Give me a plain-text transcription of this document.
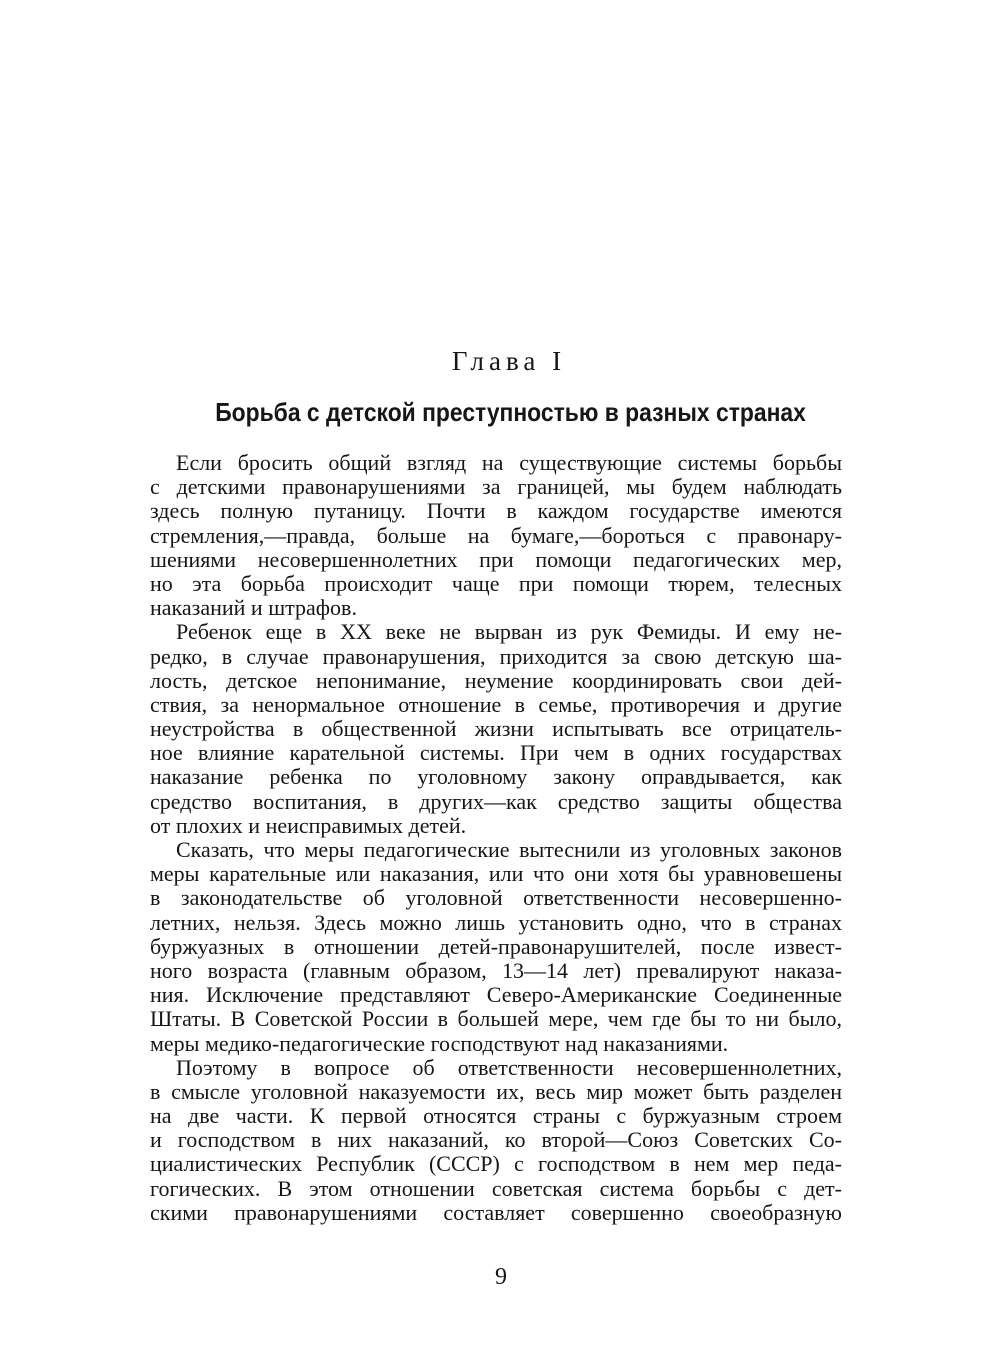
Глава I
Борьба с детской преступностью в разных странах
Если бросить общий взгляд на существующие системы борьбы
с детскими правонарушениями за границей, мы будем наблюдать
здесь полную путаницу. Почти в каждом государстве имеются
стремления,—правда, больше на бумаге,—бороться с правонару-
шениями несовершеннолетних при помощи педагогических мер,
но эта борьба происходит чаще при помощи тюрем, телесных
наказаний и штрафов.
Ребенок еще в XX веке не вырван из рук Фемиды. И ему не-
редко, в случае правонарушения, приходится за свою детскую ша-
лость, детское непонимание, неумение координировать свои дей-
ствия, за ненормальное отношение в семье, противоречия и другие
неустройства в общественной жизни испытывать все отрицатель-
ное влияние карательной системы. При чем в одних государствах
наказание ребенка по уголовному закону оправдывается, как
средство воспитания, в других—как средство защиты общества
от плохих и неисправимых детей.
Сказать, что меры педагогические вытеснили из уголовных законов
меры карательные или наказания, или что они хотя бы уравновешены
в законодательстве об уголовной ответственности несовершенно-
летних, нельзя. Здесь можно лишь установить одно, что в странах
буржуазных в отношении детей-правонарушителей, после извест-
ного возраста (главным образом, 13—14 лет) превалируют наказа-
ния. Исключение представляют Северо-Американские Соединенные
Штаты. В Советской России в большей мере, чем где бы то ни было,
меры медико-педагогические господствуют над наказаниями.
Поэтому в вопросе об ответственности несовершеннолетних,
в смысле уголовной наказуемости их, весь мир может быть разделен
на две части. К первой относятся страны с буржуазным строем
и господством в них наказаний, ко второй—Союз Советских Со-
циалистических Республик (СССР) с господством в нем мер педа-
гогических. В этом отношении советская система борьбы с дет-
скими правонарушениями составляет совершенно своеобразную
9
